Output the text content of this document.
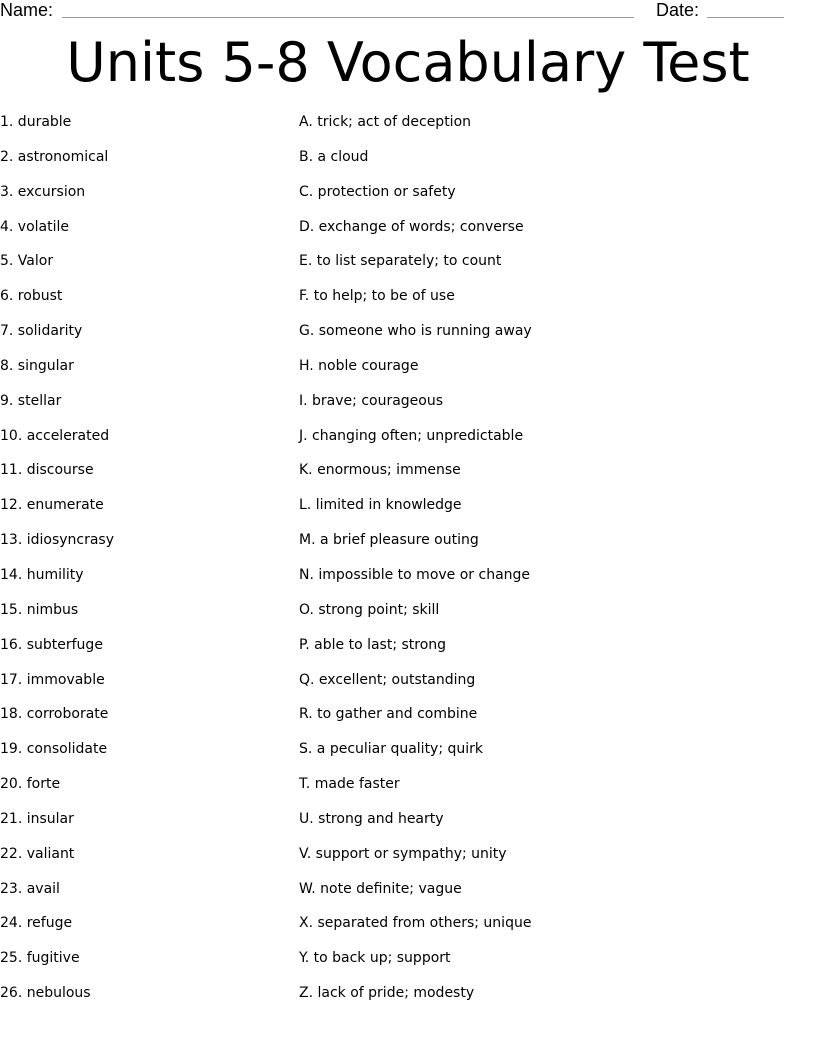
Name:	Date:
Units 5-8 Vocabulary Test
1. durable
2. astronomical
3. excursion
4. volatile
5. Valor
6. robust
7. solidarity
8. singular
9. stellar
10. accelerated
11. discourse
12. enumerate
13. idiosyncrasy
14. humility
15. nimbus
16. subterfuge
17. immovable
18. corroborate
19. consolidate
20. forte
21. insular
22. valiant
23. avail
24. refuge
25. fugitive
26. nebulous
A. trick; act of deception
B. a cloud
C. protection or safety
D. exchange of words; converse
E. to list separately; to count
F. to help; to be of use
G. someone who is running away
H. noble courage
I. brave; courageous
J. changing often; unpredictable
K. enormous; immense
L. limited in knowledge
M. a brief pleasure outing
N. impossible to move or change
O. strong point; skill
P. able to last; strong
Q. excellent; outstanding
R. to gather and combine
S. a peculiar quality; quirk
T. made faster
U. strong and hearty
V. support or sympathy; unity
W. note definite; vague
X. separated from others; unique
Y. to back up; support
Z. lack of pride; modesty
